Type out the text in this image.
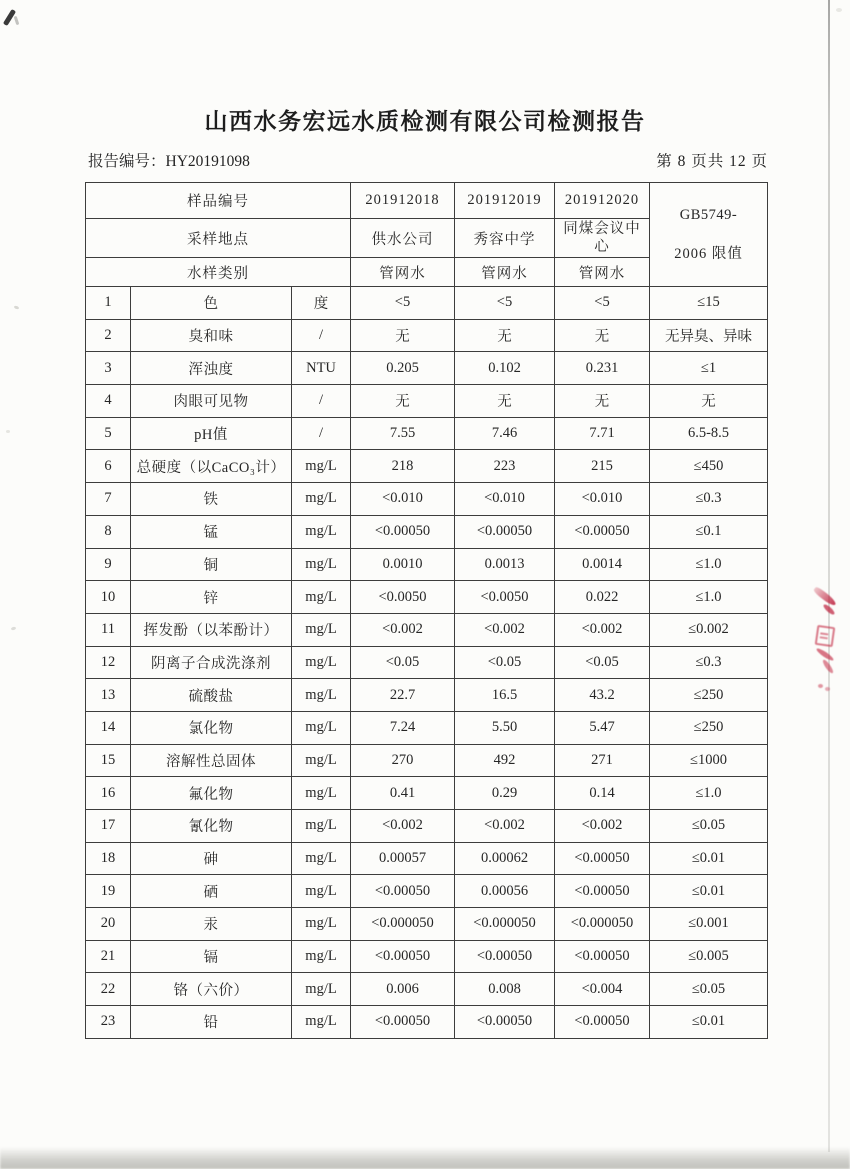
山西水务宏远水质检测有限公司检测报告
报告编号：HY20191098	第 8 页共 12 页
样品编号			201912018	201912019	201912020	GB5749-
2006 限值

采样地点			供水公司	秀容中学	同煤会议中心	
水样类别			管网水	管网水	管网水	
1	色	度	<5	<5	<5	≤15
2	臭和味	/	无	无	无	无异臭、异味
3	浑浊度	NTU	0.205	0.102	0.231	≤1
4	肉眼可见物	/	无	无	无	无
5	pH值	/	7.55	7.46	7.71	6.5-8.5
6	总硬度（以CaCO₃计）	mg/L	218	223	215	≤450
7	铁	mg/L	<0.010	<0.010	<0.010	≤0.3
8	锰	mg/L	<0.00050	<0.00050	<0.00050	≤0.1
9	铜	mg/L	0.0010	0.0013	0.0014	≤1.0
10	锌	mg/L	<0.0050	<0.0050	0.022	≤1.0
11	挥发酚（以苯酚计）	mg/L	<0.002	<0.002	<0.002	≤0.002
12	阴离子合成洗涤剂	mg/L	<0.05	<0.05	<0.05	≤0.3
13	硫酸盐	mg/L	22.7	16.5	43.2	≤250
14	氯化物	mg/L	7.24	5.50	5.47	≤250
15	溶解性总固体	mg/L	270	492	271	≤1000
16	氟化物	mg/L	0.41	0.29	0.14	≤1.0
17	氰化物	mg/L	<0.002	<0.002	<0.002	≤0.05
18	砷	mg/L	0.00057	0.00062	<0.00050	≤0.01
19	硒	mg/L	<0.00050	0.00056	<0.00050	≤0.01
20	汞	mg/L	<0.000050	<0.000050	<0.000050	≤0.001
21	镉	mg/L	<0.00050	<0.00050	<0.00050	≤0.005
22	铬（六价）	mg/L	0.006	0.008	<0.004	≤0.05
23	铅	mg/L	<0.00050	<0.00050	<0.00050	≤0.01
